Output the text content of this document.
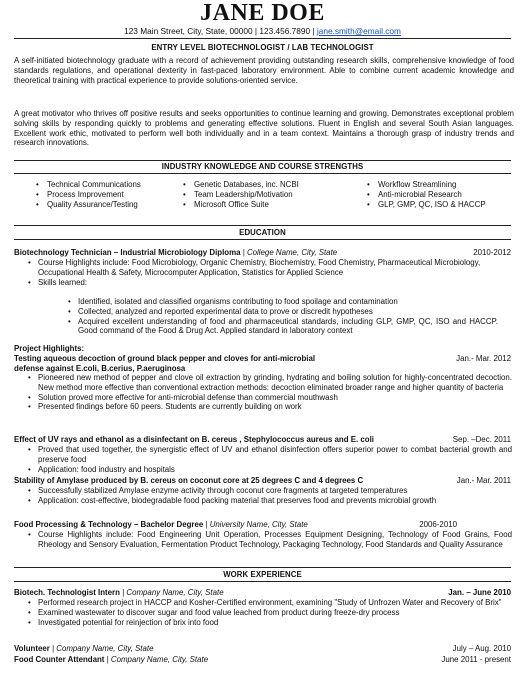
JANE DOE
123 Main Street, City, State, 00000 | 123.456.7890 | jane.smith@email.com
ENTRY LEVEL BIOTECHNOLOGIST / LAB TECHNOLOGIST
A self-initiated biotechnology graduate with a record of achievement providing outstanding research skills, comprehensive knowledge of food standards regulations, and operational dexterity in fast-paced laboratory environment. Able to combine current academic knowledge and theoretical training with practical experience to provide solutions-oriented service.
A great motivator who thrives off positive results and seeks opportunities to continue learning and growing. Demonstrates exceptional problem solving skills by responding quickly to problems and generating effective solutions. Fluent in English and several South Asian languages. Excellent work ethic, motivated to perform well both individually and in a team context. Maintains a thorough grasp of industry trends and research innovations.
INDUSTRY KNOWLEDGE AND COURSE STRENGTHS
• Technical Communications
• Process Improvement
• Quality Assurance/Testing
• Genetic Databases, inc. NCBI
• Team Leadership/Motivation
• Microsoft Office Suite
• Workflow Streamlining
• Anti-microbial Research
• GLP, GMP, QC, ISO & HACCP
EDUCATION
Biotechnology Technician – Industrial Microbiology Diploma | College Name, City, State	2010-2012
• Course Highlights include: Food Microbiology, Organic Chemistry, Biochemistry, Food Chemistry, Pharmaceutical Microbiology, Occupational Health & Safety, Microcomputer Application, Statistics for Applied Science
• Skills learned:
• Identified, isolated and classified organisms contributing to food spoilage and contamination
• Collected, analyzed and reported experimental data to prove or discredit hypotheses
• Acquired excellent understanding of food and pharmaceutical standards, including GLP, GMP, QC, ISO and HACCP. Good command of the Food & Drug Act. Applied standard in laboratory context
Project Highlights:
Testing aqueous decoction of ground black pepper and cloves for anti-microbial defense against E.coli, B.cerius, P.aeruginosa
Jan.- Mar. 2012
• Pioneered new method of pepper and clove oil extraction by grinding, hydrating and boiling solution for highly-concentrated decoction. New method more effective than conventional extraction methods: decoction eliminated broader range and higher quantity of bacteria
• Solution proved more effective for anti-microbial defense than commercial mouthwash
• Presented findings before 60 peers. Students are currently building on work
Effect of UV rays and ethanol as a disinfectant on B. cereus , Stephylococcus aureus and E. coli	Sep. –Dec. 2011
• Proved that used together, the synergistic effect of UV and ethanol disinfection offers superior power to combat bacterial growth and preserve food
• Application: food industry and hospitals
Stability of Amylase produced by B. cereus on coconut core at 25 degrees C and 4 degrees C	Jan.- Mar. 2011
• Successfully stabilized Amylase enzyme activity through coconut core fragments at targeted temperatures
• Application: cost-effective, biodegradable food packing material that preserves food and prevents microbial growth
Food Processing & Technology – Bachelor Degree | University Name, City, State	2006-2010
• Course Highlights include: Food Engineering Unit Operation, Processes Equipment Designing, Technology of Food Grains, Food Rheology and Sensory Evaluation, Fermentation Product Technology, Packaging Technology, Food Standards and Quality Assurance
WORK EXPERIENCE
Biotech. Technologist Intern | Company Name, City, State	Jan. – June 2010
• Performed research project in HACCP and Kosher-Certified environment, examining "Study of Unfrozen Water and Recovery of Brix"
• Examined wastewater to discover sugar and food value leached from product during freeze-dry process
• Investigated potential for reinjection of brix into food
Volunteer | Company Name, City, State	July – Aug. 2010
Food Counter Attendant | Company Name, City, State	June 2011 - present
